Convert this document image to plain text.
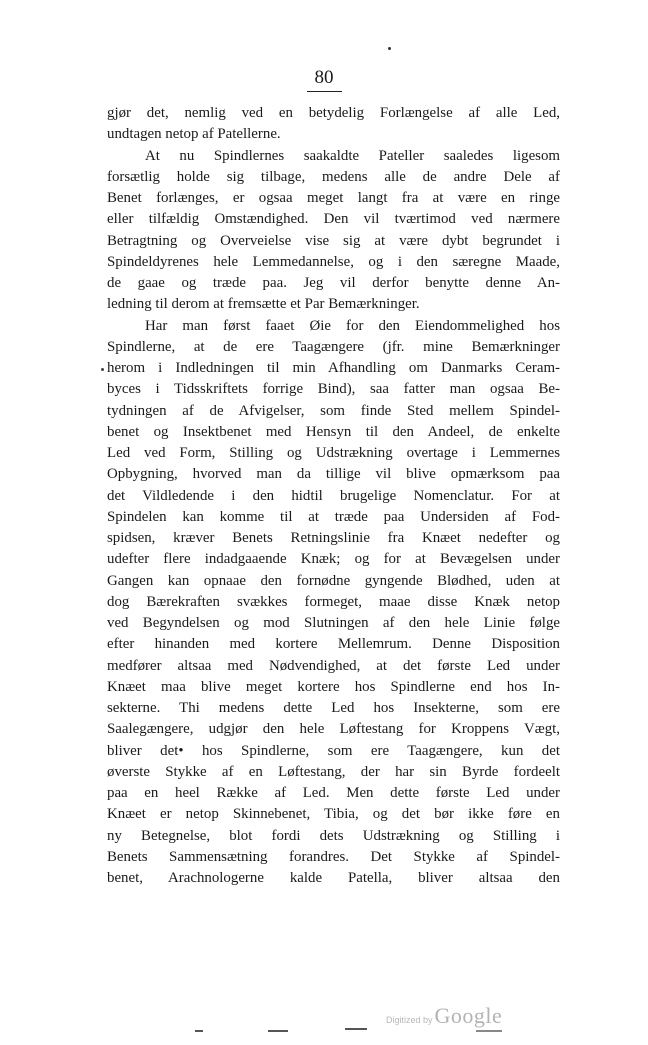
80
gjør det, nemlig ved en betydelig Forlængelse af alle Led,
undtagen netop af Patellerne.
At nu Spindlernes saakaldte Pateller saaledes ligesom
forsætlig holde sig tilbage, medens alle de andre Dele af
Benet forlænges, er ogsaa meget langt fra at være en ringe
eller tilfældig Omstændighed. Den vil tværtimod ved nærmere
Betragtning og Overveielse vise sig at være dybt begrundet i
Spindeldyrenes hele Lemmedannelse, og i den særegne Maade,
de gaae og træde paa. Jeg vil derfor benytte denne An-
ledning til derom at fremsætte et Par Bemærkninger.
Har man først faaet Øie for den Eiendommelighed hos
Spindlerne, at de ere Taagængere (jfr. mine Bemærkninger
herom i Indledningen til min Afhandling om Danmarks Ceram-
byces i Tidsskriftets forrige Bind), saa fatter man ogsaa Be-
tydningen af de Afvigelser, som finde Sted mellem Spindel-
benet og Insektbenet med Hensyn til den Andeel, de enkelte
Led ved Form, Stilling og Udstrækning overtage i Lemmernes
Opbygning, hvorved man da tillige vil blive opmærksom paa
det Vildledende i den hidtil brugelige Nomenclatur. For at
Spindelen kan komme til at træde paa Undersiden af Fod-
spidsen, kræver Benets Retningslinie fra Knæet nedefter og
udefter flere indadgaaende Knæk; og for at Bevægelsen under
Gangen kan opnaae den fornødne gyngende Blødhed, uden at
dog Bærekraften svækkes formeget, maae disse Knæk netop
ved Begyndelsen og mod Slutningen af den hele Linie følge
efter hinanden med kortere Mellemrum. Denne Disposition
medfører altsaa med Nødvendighed, at det første Led under
Knæet maa blive meget kortere hos Spindlerne end hos In-
sekterne. Thi medens dette Led hos Insekterne, som ere
Saalegængere, udgjør den hele Løftestang for Kroppens Vægt,
bliver det• hos Spindlerne, som ere Taagængere, kun det
øverste Stykke af en Løftestang, der har sin Byrde fordeelt
paa en heel Række af Led. Men dette første Led under
Knæet er netop Skinnebenet, Tibia, og det bør ikke føre en
ny Betegnelse, blot fordi dets Udstrækning og Stilling i
Benets Sammensætning forandres. Det Stykke af Spindel-
benet, Arachnologerne kalde Patella, bliver altsaa den
Digitized by Google
